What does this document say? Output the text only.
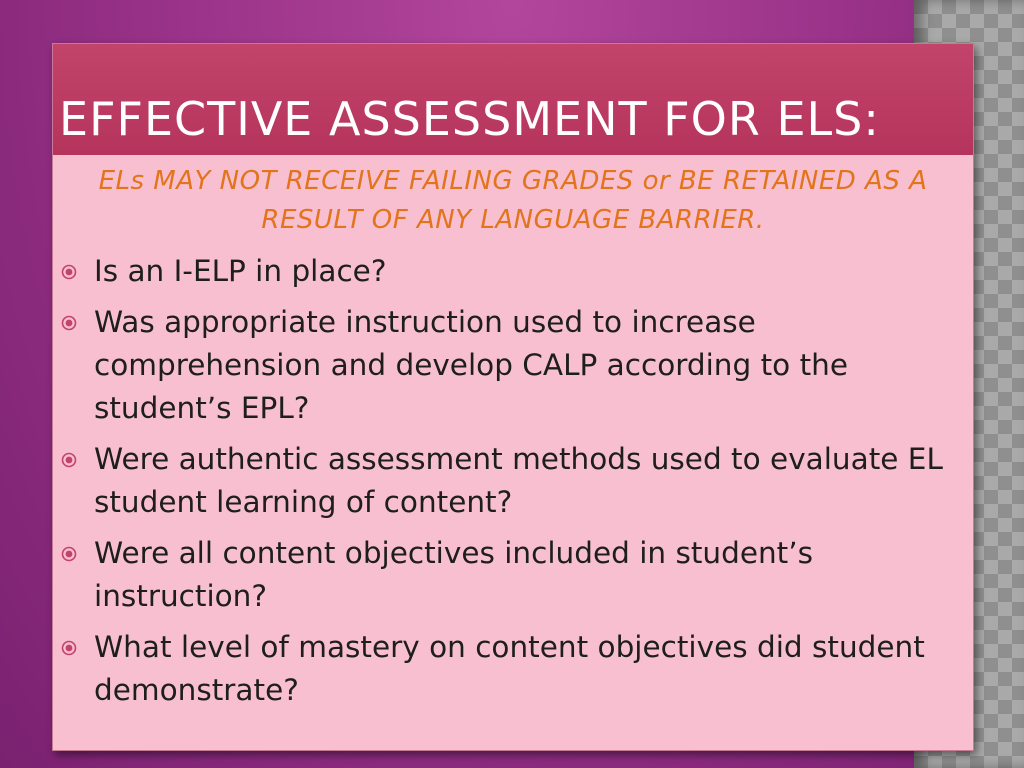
EFFECTIVE ASSESSMENT FOR ELS:

ELs MAY NOT RECEIVE FAILING GRADES or BE RETAINED AS A RESULT OF ANY LANGUAGE BARRIER.

Is an I-ELP in place?
Was appropriate instruction used to increase comprehension and develop CALP according to the student’s EPL?
Were authentic assessment methods used to evaluate EL student learning of content?
Were all content objectives included in student’s instruction?
What level of mastery on content objectives did student demonstrate?
